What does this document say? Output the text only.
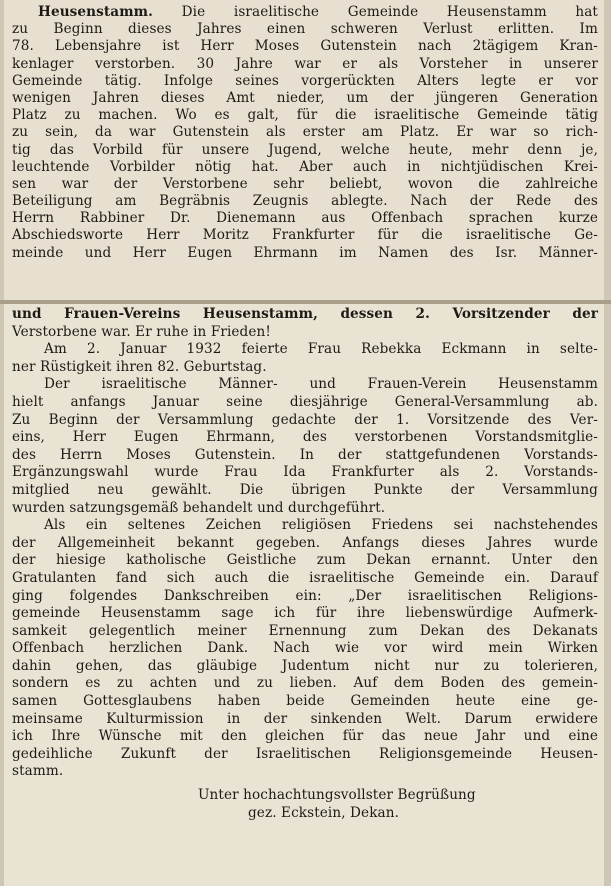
Heusenstamm. Die israelitische Gemeinde Heusenstamm hat
zu Beginn dieses Jahres einen schweren Verlust erlitten. Im
78. Lebensjahre ist Herr Moses Gutenstein nach 2tägigem Kran-
kenlager verstorben. 30 Jahre war er als Vorsteher in unserer
Gemeinde tätig. Infolge seines vorgerückten Alters legte er vor
wenigen Jahren dieses Amt nieder, um der jüngeren Generation
Platz zu machen. Wo es galt, für die israelitische Gemeinde tätig
zu sein, da war Gutenstein als erster am Platz. Er war so rich-
tig das Vorbild für unsere Jugend, welche heute, mehr denn je,
leuchtende Vorbilder nötig hat. Aber auch in nichtjüdischen Krei-
sen war der Verstorbene sehr beliebt, wovon die zahlreiche
Beteiligung am Begräbnis Zeugnis ablegte. Nach der Rede des
Herrn Rabbiner Dr. Dienemann aus Offenbach sprachen kurze
Abschiedsworte Herr Moritz Frankfurter für die israelitische Ge-
meinde und Herr Eugen Ehrmann im Namen des Isr. Männer-
und Frauen-Vereins Heusenstamm, dessen 2. Vorsitzender der
Verstorbene war. Er ruhe in Frieden!
Am 2. Januar 1932 feierte Frau Rebekka Eckmann in selte-
ner Rüstigkeit ihren 82. Geburtstag.
Der israelitische Männer- und Frauen-Verein Heusenstamm
hielt anfangs Januar seine diesjährige General-Versammlung ab.
Zu Beginn der Versammlung gedachte der 1. Vorsitzende des Ver-
eins, Herr Eugen Ehrmann, des verstorbenen Vorstandsmitglie-
des Herrn Moses Gutenstein. In der stattgefundenen Vorstands-
Ergänzungswahl wurde Frau Ida Frankfurter als 2. Vorstands-
mitglied neu gewählt. Die übrigen Punkte der Versammlung
wurden satzungsgemäß behandelt und durchgeführt.
Als ein seltenes Zeichen religiösen Friedens sei nachstehendes
der Allgemeinheit bekannt gegeben. Anfangs dieses Jahres wurde
der hiesige katholische Geistliche zum Dekan ernannt. Unter den
Gratulanten fand sich auch die israelitische Gemeinde ein. Darauf
ging folgendes Dankschreiben ein: „Der israelitischen Religions-
gemeinde Heusenstamm sage ich für ihre liebenswürdige Aufmerk-
samkeit gelegentlich meiner Ernennung zum Dekan des Dekanats
Offenbach herzlichen Dank. Nach wie vor wird mein Wirken
dahin gehen, das gläubige Judentum nicht nur zu tolerieren,
sondern es zu achten und zu lieben. Auf dem Boden des gemein-
samen Gottesglaubens haben beide Gemeinden heute eine ge-
meinsame Kulturmission in der sinkenden Welt. Darum erwidere
ich Ihre Wünsche mit den gleichen für das neue Jahr und eine
gedeihliche Zukunft der Israelitischen Religionsgemeinde Heusen-
stamm.
Unter hochachtungsvollster Begrüßung
gez. Eckstein, Dekan.
